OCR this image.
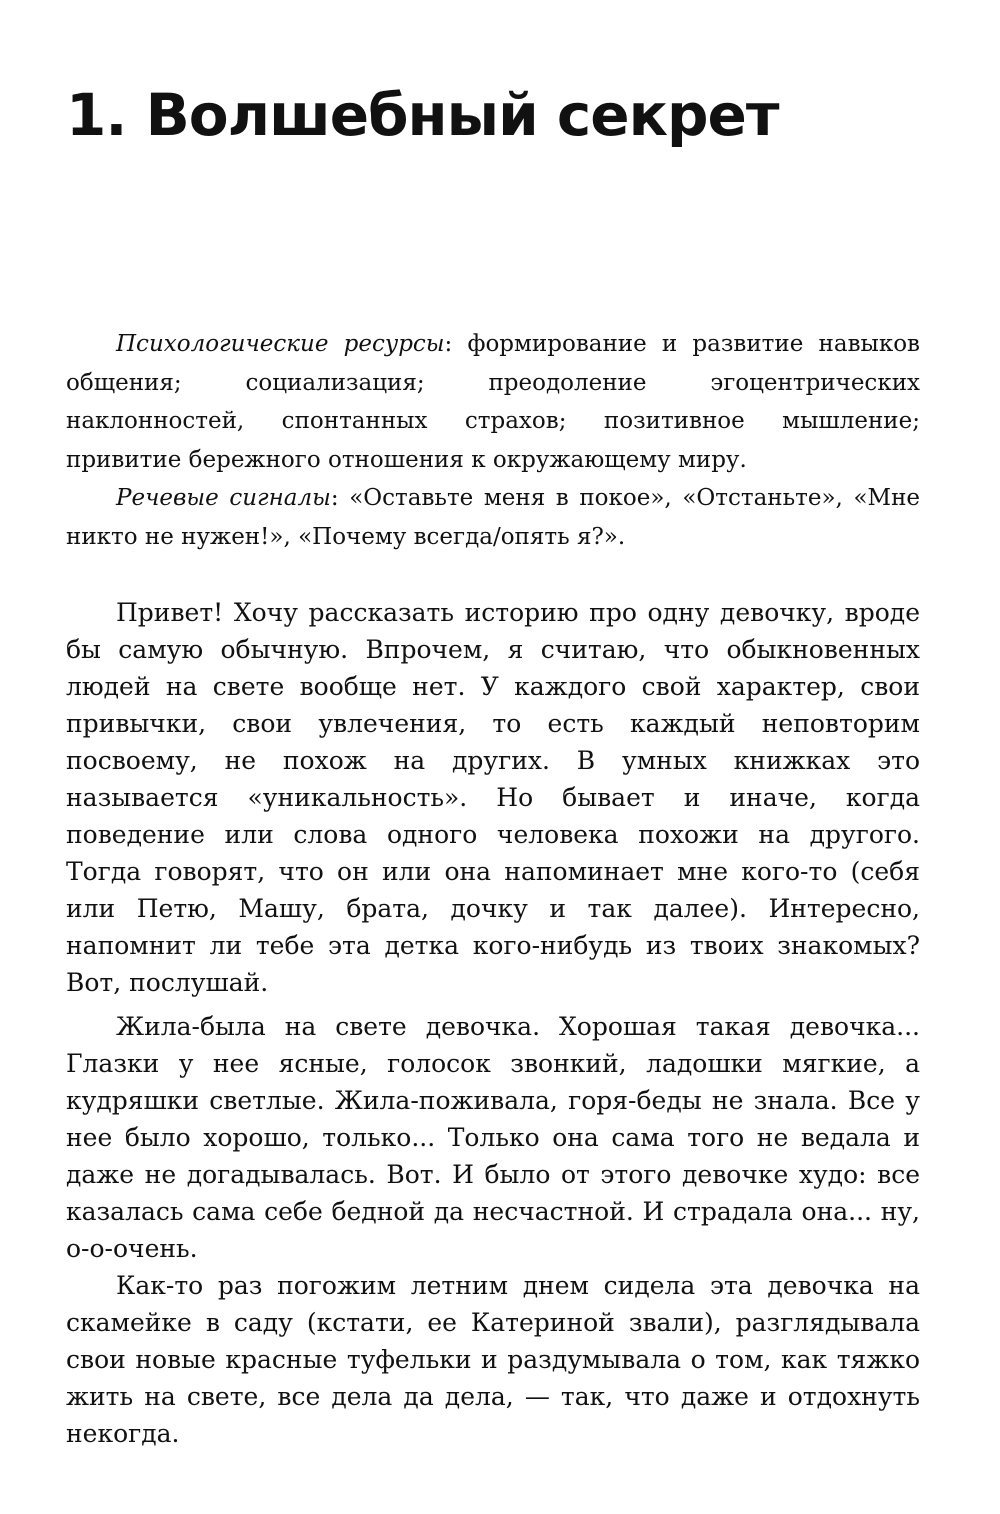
1. Волшебный секрет

Психологические ресурсы: формирование и развитие навыков общения; социализация; преодоление эгоцентрических наклонностей, спонтанных страхов; позитивное мышление; привитие бережного отношения к окружающему миру.

Речевые сигналы: «Оставьте меня в покое», «Отстаньте», «Мне никто не нужен!», «Почему всегда/опять я?».

Привет! Хочу рассказать историю про одну девочку, вроде бы самую обычную. Впрочем, я считаю, что обыкновенных людей на свете вообще нет. У каждого свой характер, свои привычки, свои увлечения, то есть каждый неповторим посвоему, не похож на других. В умных книжках это называется «уникальность». Но бывает и иначе, когда поведение или слова одного человека похожи на другого. Тогда говорят, что он или она напоминает мне кого-то (себя или Петю, Машу, брата, дочку и так далее). Интересно, напомнит ли тебе эта детка кого-нибудь из твоих знакомых? Вот, послушай.

Жила-была на свете девочка. Хорошая такая девочка... Глазки у нее ясные, голосок звонкий, ладошки мягкие, а кудряшки светлые. Жила-поживала, горя-беды не знала. Все у нее было хорошо, только... Только она сама того не ведала и даже не догадывалась. Вот. И было от этого девочке худо: все казалась сама себе бедной да несчастной. И страдала она... ну, о-о-очень.

Как-то раз погожим летним днем сидела эта девочка на скамейке в саду (кстати, ее Катериной звали), разглядывала свои новые красные туфельки и раздумывала о том, как тяжко жить на свете, все дела да дела, — так, что даже и отдохнуть некогда.
